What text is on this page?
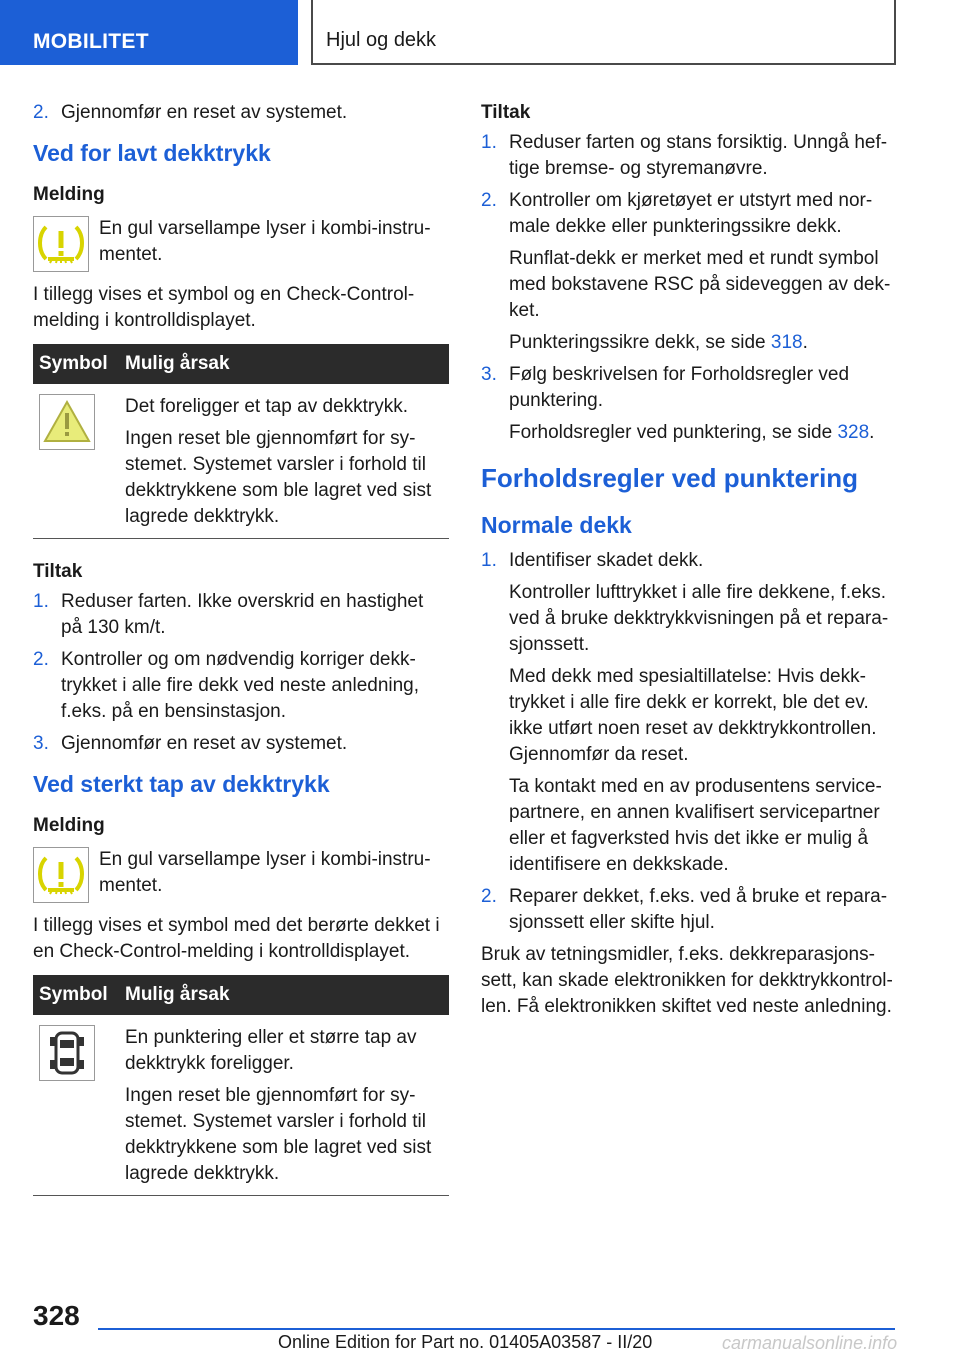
MOBILITET	Hjul og dekk
2. Gjennomfør en reset av systemet.
Ved for lavt dekktrykk
Melding
En gul varsellampe lyser i kombi-instru-mentet.
I tillegg vises et symbol og en Check-Control-melding i kontrolldisplayet.
Symbol	Mulig årsak

Det foreligger et tap av dekktrykk.
Ingen reset ble gjennomført for sy-stemet. Systemet varsler i forhold til dekktrykkene som ble lagret ved sist lagrede dekktrykk.
Tiltak
1. Reduser farten. Ikke overskrid en hastighet på 130 km/t.
2. Kontroller og om nødvendig korriger dekk-trykket i alle fire dekk ved neste anledning, f.eks. på en bensinstasjon.
3. Gjennomfør en reset av systemet.
Ved sterkt tap av dekktrykk
Melding
En gul varsellampe lyser i kombi-instru-mentet.
I tillegg vises et symbol med det berørte dekket i en Check-Control-melding i kontrolldisplayet.
Symbol	Mulig årsak

En punktering eller et større tap av dekktrykk foreligger.
Ingen reset ble gjennomført for sy-stemet. Systemet varsler i forhold til dekktrykkene som ble lagret ved sist lagrede dekktrykk.
Tiltak
1. Reduser farten og stans forsiktig. Unngå hef-tige bremse- og styremanøvre.
2. Kontroller om kjøretøyet er utstyrt med nor-male dekke eller punkteringssikre dekk.
Runflat-dekk er merket med et rundt symbol med bokstavene RSC på sideveggen av dek-ket.
Punkteringssikre dekk, se side 318.
3. Følg beskrivelsen for Forholdsregler ved punktering.
Forholdsregler ved punktering, se side 328.
Forholdsregler ved punktering
Normale dekk
1. Identifiser skadet dekk.
Kontroller lufttrykket i alle fire dekkene, f.eks. ved å bruke dekktrykkvisningen på et repara-sjonssett.
Med dekk med spesialtillatelse: Hvis dekk-trykket i alle fire dekk er korrekt, ble det ev. ikke utført noen reset av dekktrykkontrollen. Gjennomfør da reset.
Ta kontakt med en av produsentens service-partnere, en annen kvalifisert servicepartner eller et fagverksted hvis det ikke er mulig å identifisere en dekkskade.
2. Reparer dekket, f.eks. ved å bruke et repara-sjonssett eller skifte hjul.
Bruk av tetningsmidler, f.eks. dekkreparasjons-sett, kan skade elektronikken for dekktrykkontrol-len. Få elektronikken skiftet ved neste anledning.
328
Online Edition for Part no. 01405A03587 - II/20	carmanualsonline.info
